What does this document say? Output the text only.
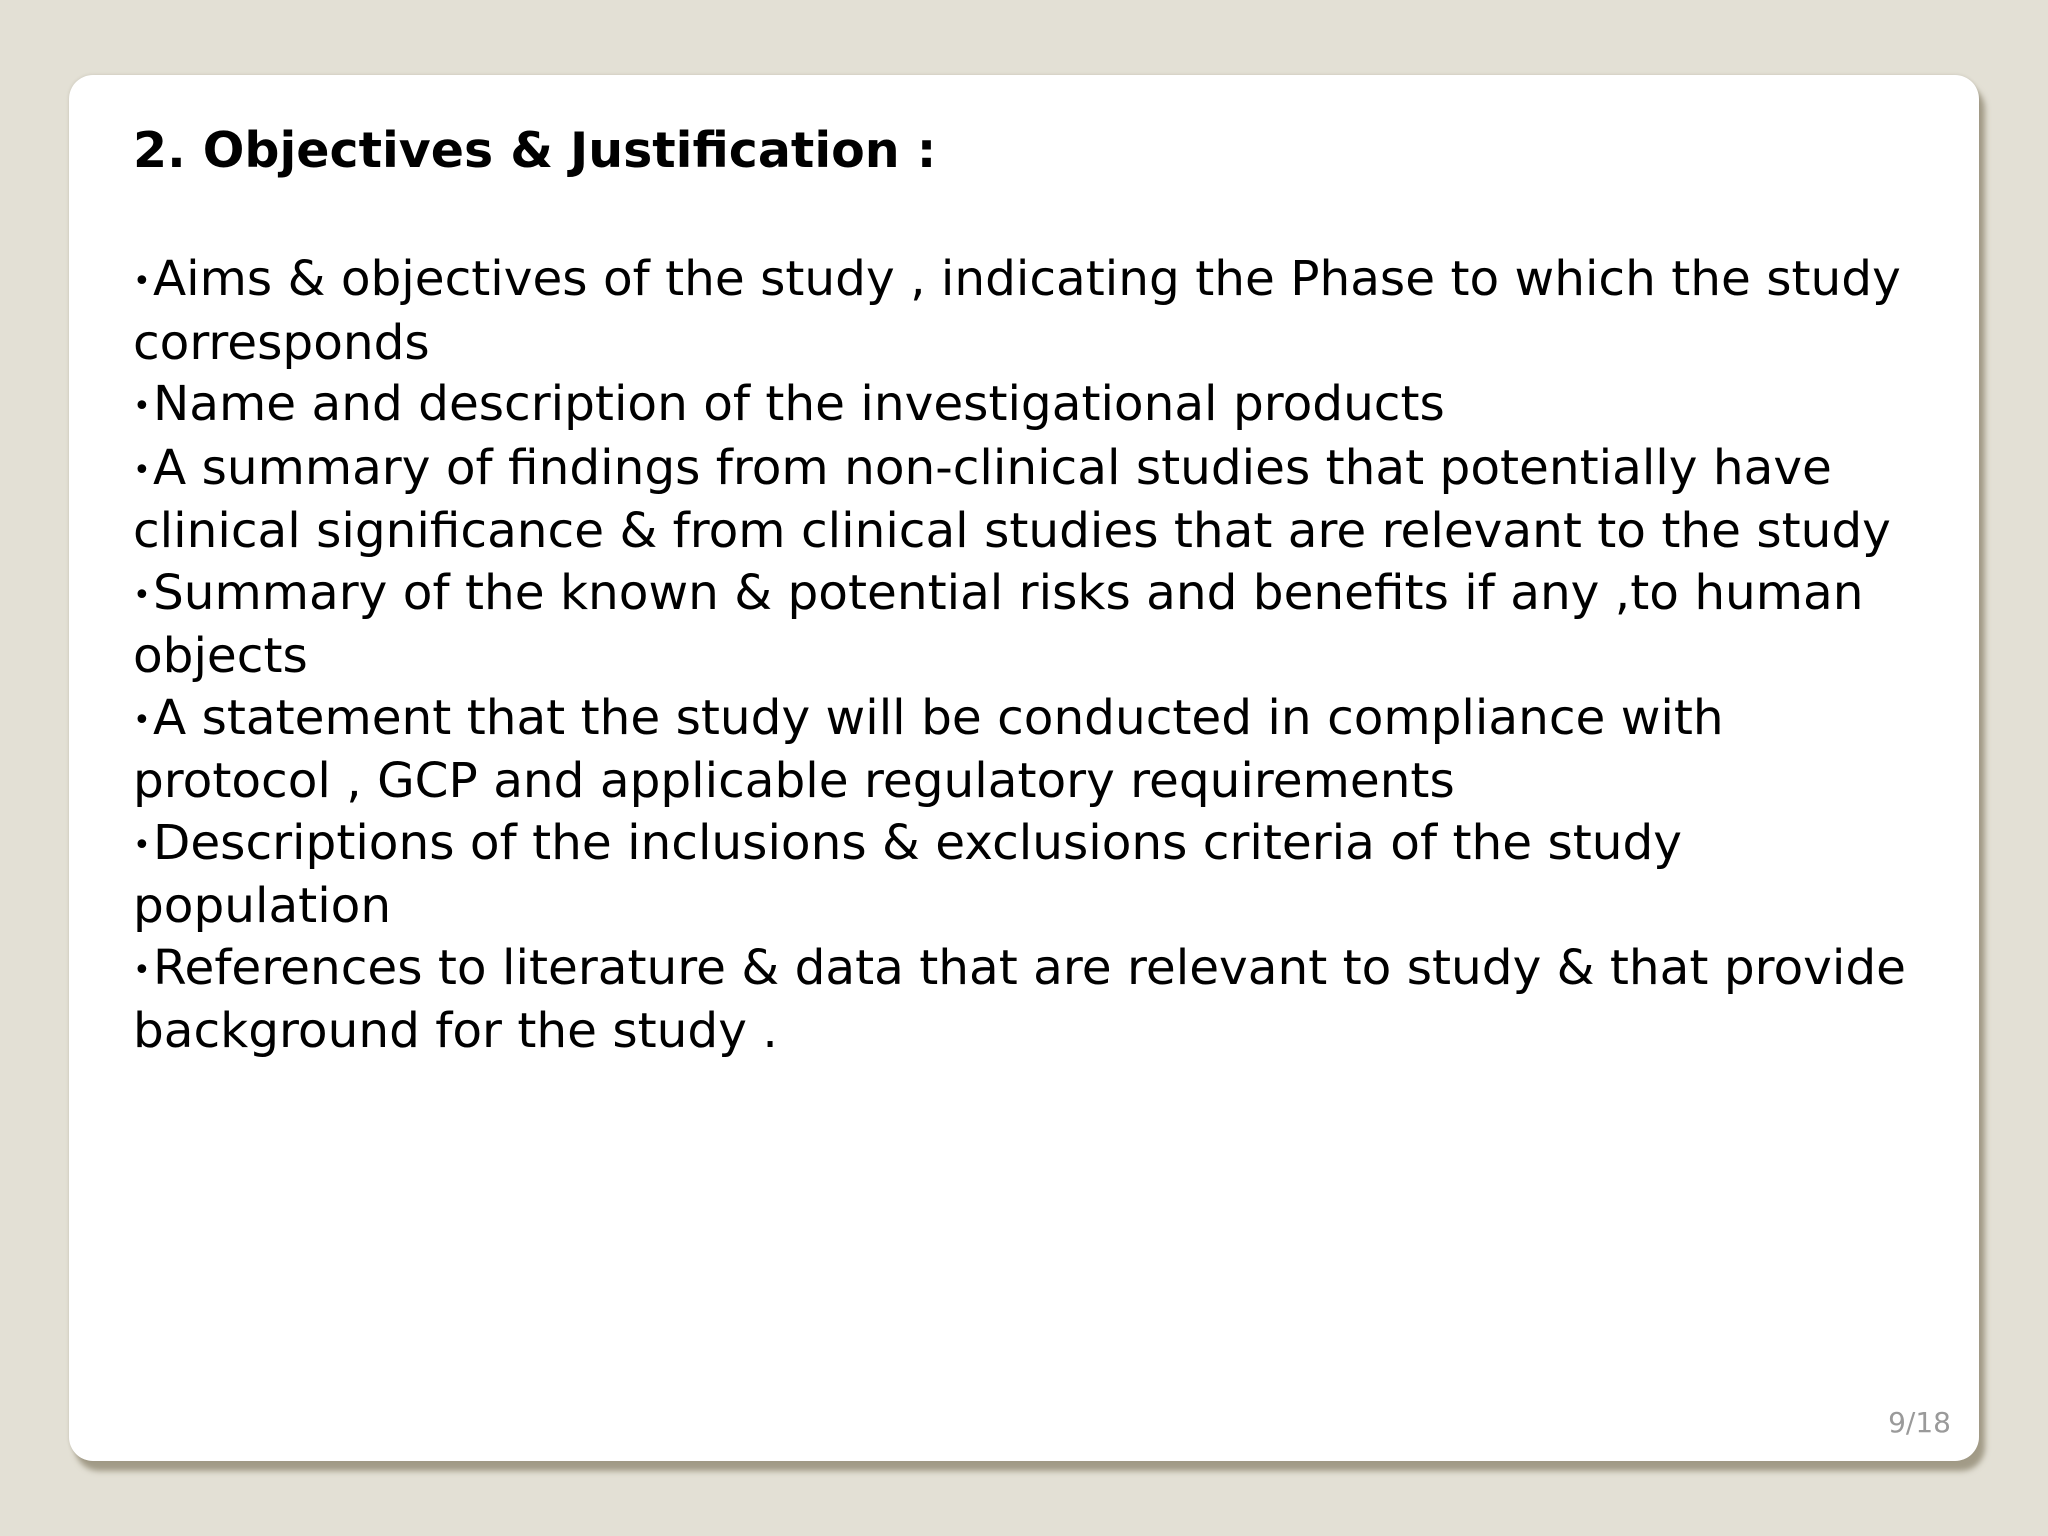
2. Objectives & Justification :
•Aims & objectives of the study , indicating the Phase to which the study corresponds
•Name and description of the investigational products
•A summary of findings from non-clinical studies that potentially have clinical significance & from clinical studies that are relevant to the study
•Summary of the known & potential risks and benefits if any ,to human objects
•A statement that the study will be conducted in compliance with protocol , GCP and applicable regulatory requirements
•Descriptions of the inclusions & exclusions criteria of the study population
•References to literature & data that are relevant to study & that provide background for the study .
9/18
